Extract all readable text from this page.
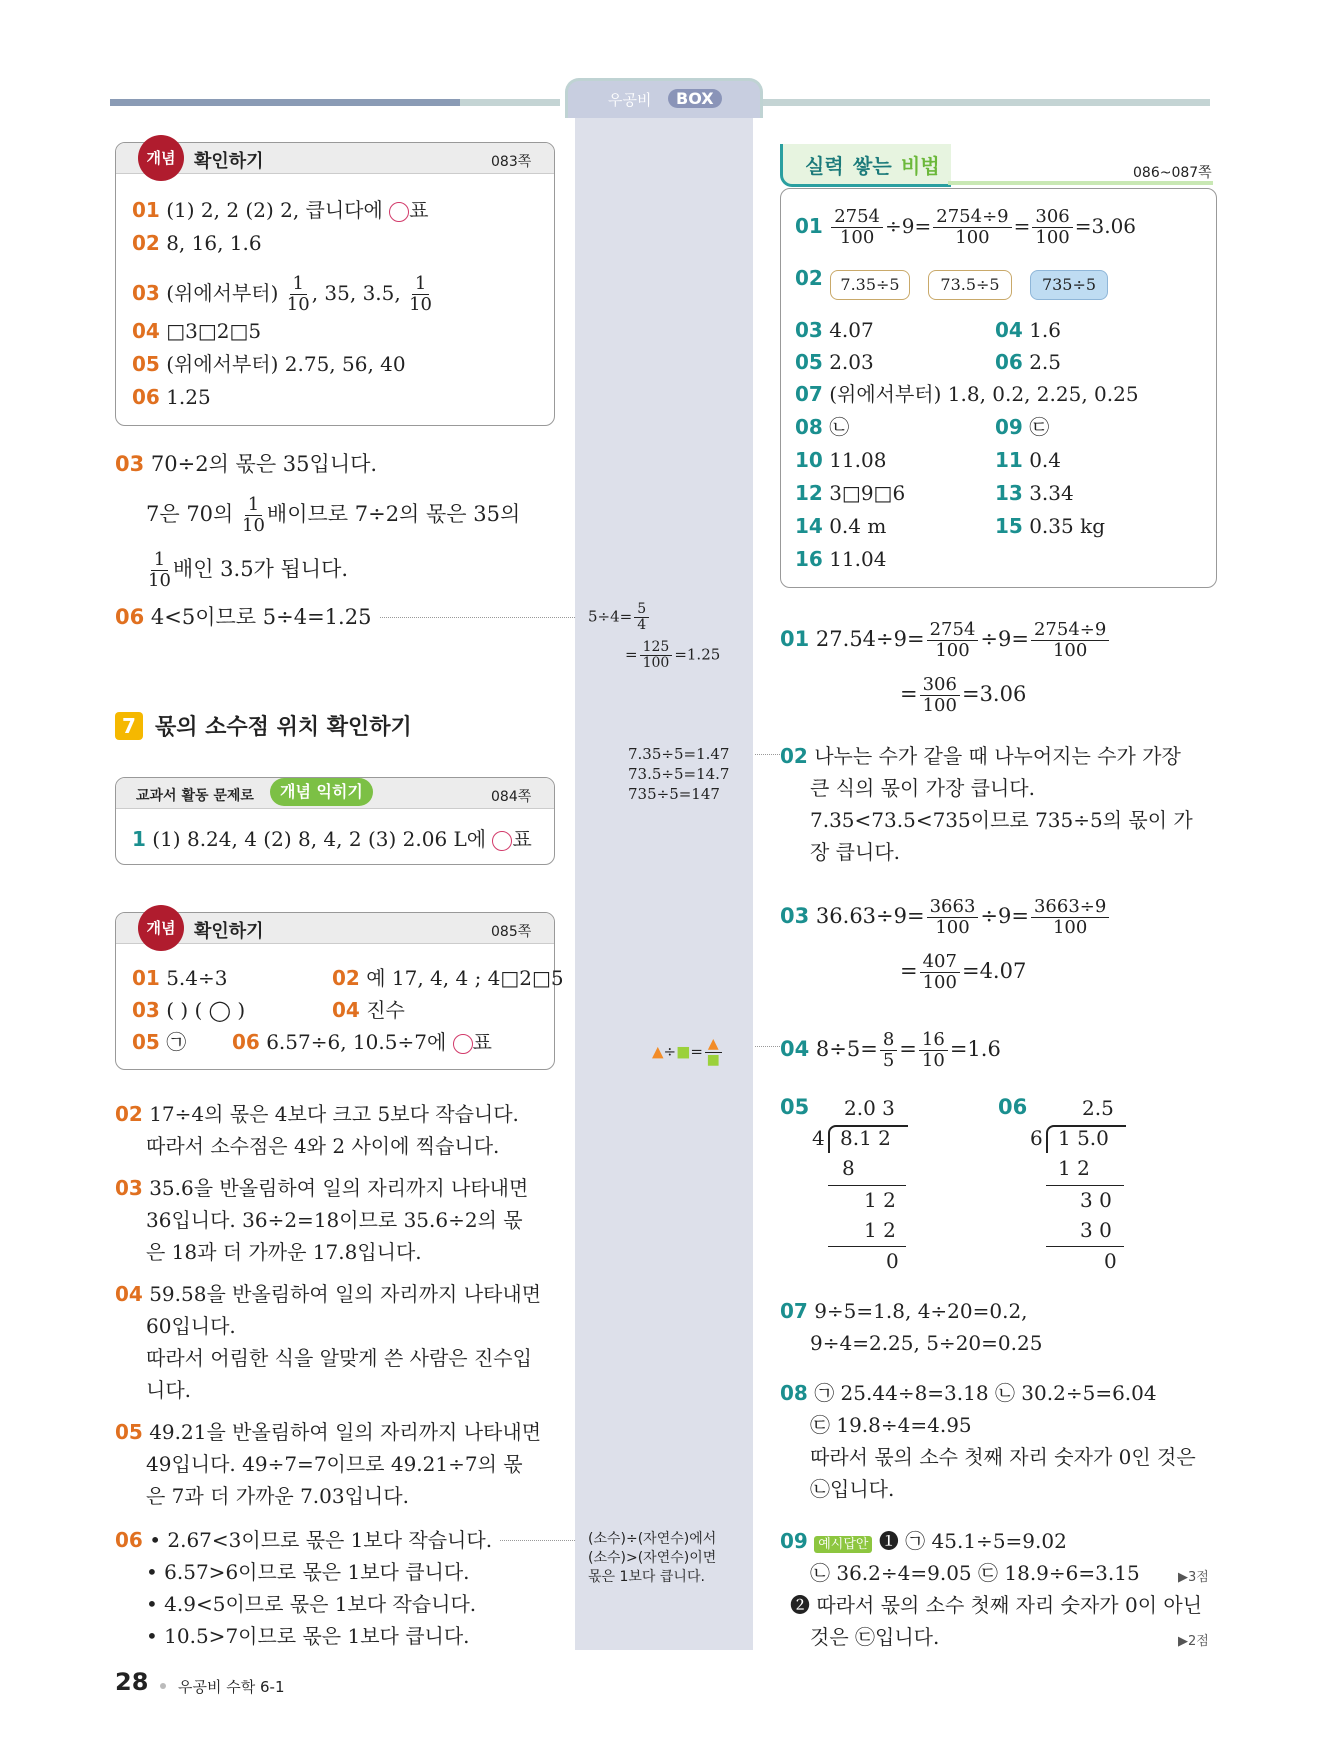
우공비	BOX
개념	확인하기	083쪽
01 (1) 2, 2 (2) 2, 큽니다에 ○표
02 8, 16, 1.6
03 (위에서부터) $\frac{1}{10}$ , 35, 3.5, $\frac{1}{10}$
04 □3□2□5
05 (위에서부터) 2.75, 56, 40
06 1.25
03 70÷2의 몫은 35입니다.
7은 70의 $\frac{1}{10}$ 배이므로 7÷2의 몫은 35의
$\frac{1}{10}$ 배인 3.5가 됩니다.
06 4<5이므로 5÷4=1.25
7 몫의 소수점 위치 확인하기
교과서 활동 문제로	개념 익히기	084쪽
1 (1) 8.24, 4 (2) 8, 4, 2 (3) 2.06 L에 ○표
개념	확인하기	085쪽
01 5.4÷3	02 예 17, 4, 4 ; 4□2□5
03 ( ) ( ◯ )	04 진수
05 ㉠ 06 6.57÷6, 10.5÷7에 ○표
02 17÷4의 몫은 4보다 크고 5보다 작습니다.
따라서 소수점은 4와 2 사이에 찍습니다.
03 35.6을 반올림하여 일의 자리까지 나타내면
36입니다. 36÷2=18이므로 35.6÷2의 몫
은 18과 더 가까운 17.8입니다.
04 59.58을 반올림하여 일의 자리까지 나타내면
60입니다.
따라서 어림한 식을 알맞게 쓴 사람은 진수입
니다.
05 49.21을 반올림하여 일의 자리까지 나타내면
49입니다. 49÷7=7이므로 49.21÷7의 몫
은 7과 더 가까운 7.03입니다.
06 • 2.67<3이므로 몫은 1보다 작습니다.
• 6.57>6이므로 몫은 1보다 큽니다.
• 4.9<5이므로 몫은 1보다 작습니다.
• 10.5>7이므로 몫은 1보다 큽니다.
$5\div 4= \frac{5}{4}$
= $\frac{125}{100} =1.25$
7.35÷5=1.47
73.5÷5=14.7
735÷5=147
▲÷■= $\frac{▲}{■}$
(소수)÷(자연수)에서
(소수)>(자연수)이면
몫은 1보다 큽니다.
실력 쌓는 비법	086~087쪽
$01 \frac{2754}{100} \div 9= \frac{2754\div 9}{100} = \frac{306}{100} =3.06$
02	7.35÷5	73.5÷5	735÷5
03 4.07	04 1.6
05 2.03	06 2.5
07 (위에서부터) 1.8, 0.2, 2.25, 0.25
08 ㉡	09 ㉢
10 11.08	11 0.4
12 3□9□6	13 3.34
14 0.4 m	15 0.35 kg
16 11.04
01 $27.54\div 9= \frac{2754}{100} \div 9= \frac{2754\div 9}{100}$
= $\frac{306}{100} =3.06$
02 나누는 수가 같을 때 나누어지는 수가 가장
큰 식의 몫이 가장 큽니다.
7.35<73.5<735이므로 735÷5의 몫이 가
장 큽니다.
03 $36.63\div 9= \frac{3663}{100} \div 9= \frac{3663\div 9}{100}$
= $\frac{407}{100} =4.07$
04 $8\div 5= \frac{8}{5} = \frac{16}{10} =1.6$
05 2.0 3
4 8.1 2
8
1 2
1 2
0
06	2.5
6 1 5.0
1 2
3 0
3 0
0
07 9÷5=1.8, 4÷20=0.2,
9÷4=2.25, 5÷20=0.25
08 ㉠ 25.44÷8=3.18 ㉡ 30.2÷5=6.04
㉢ 19.8÷4=4.95
따라서 몫의 소수 첫째 자리 숫자가 0인 것은
㉡입니다.
09 예시답안 ❶ ㉠ 45.1÷5=9.02
㉡ 36.2÷4=9.05 ㉢ 18.9÷6=3.15	▶3점
❷ 따라서 몫의 소수 첫째 자리 숫자가 0이 아닌
것은 ㉢입니다.	▶2점
28 우공비 수학 6-1
